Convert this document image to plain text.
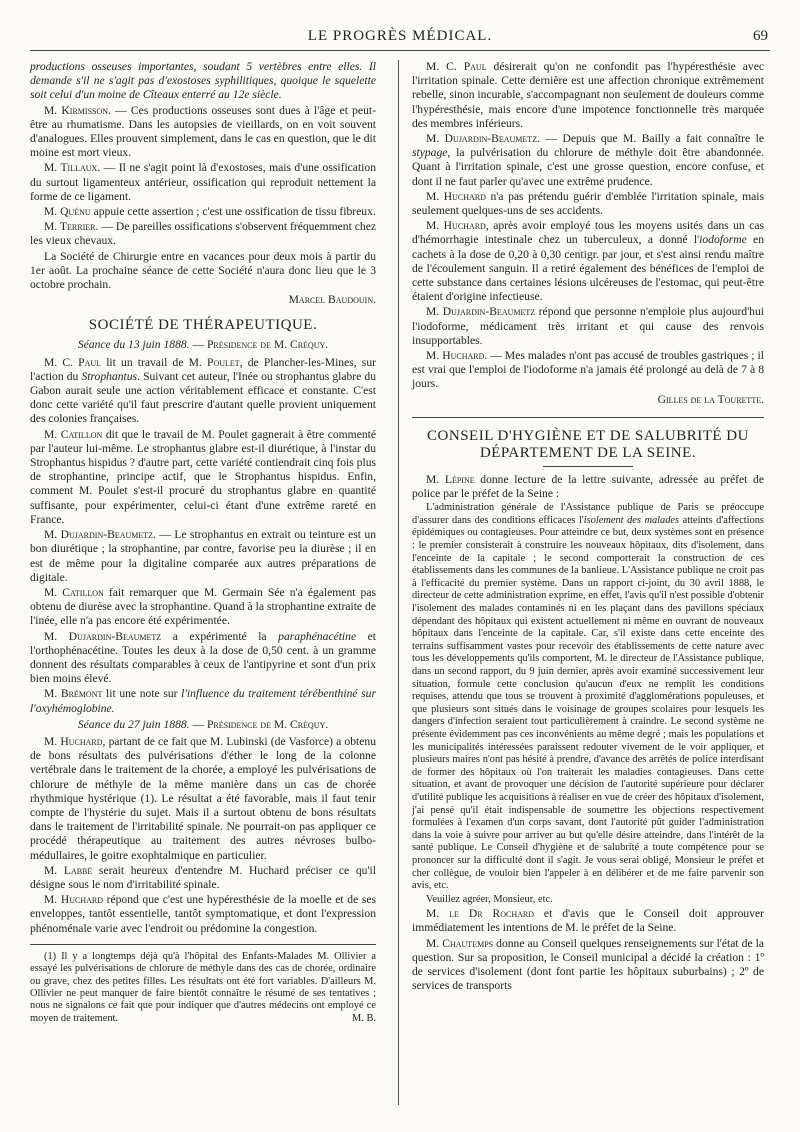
LE PROGRÈS MÉDICAL.	69

productions osseuses importantes, soudant 5 vertèbres entre elles. Il demande s'il ne s'agit pas d'exostoses syphilitiques, quoique le squelette soit celui d'un moine de Cîteaux enterré au 12e siècle.

M. Kirmisson. — Ces productions osseuses sont dues à l'âge et peut-être au rhumatisme. Dans les autopsies de vieillards, on en voit souvent d'analogues. Elles prouvent simplement, dans le cas en question, que le dit moine est mort vieux.

M. Tillaux. — Il ne s'agit point là d'exostoses, mais d'une ossification du surtout ligamenteux antérieur, ossification qui reproduit nettement la forme de ce ligament.

M. Quénu appuie cette assertion ; c'est une ossification de tissu fibreux.

M. Terrier. — De pareilles ossifications s'observent fréquemment chez les vieux chevaux.

La Société de Chirurgie entre en vacances pour deux mois à partir du 1er août. La prochaine séance de cette Société n'aura donc lieu que le 3 octobre prochain.

Marcel Baudouin.

SOCIÉTÉ DE THÉRAPEUTIQUE.

Séance du 13 juin 1888. — Présidence de M. Créquy.

M. C. Paul lit un travail de M. Poulet, de Plancher-les-Mines, sur l'action du Strophantus. Suivant cet auteur, l'Inée ou strophantus glabre du Gabon aurait seule une action véritablement efficace et constante. C'est donc cette variété qu'il faut prescrire d'autant quelle provient uniquement des colonies françaises.

M. Catillon dit que le travail de M. Poulet gagnerait à être commenté par l'auteur lui-même. Le strophantus glabre est-il diurétique, à l'instar du Strophantus hispidus ? d'autre part, cette variété contiendrait cinq fois plus de strophantine, principe actif, que le Strophantus hispidus. Enfin, comment M. Poulet s'est-il procuré du strophantus glabre en quantité suffisante, pour expérimenter, celui-ci étant d'une extrême rareté en France.

M. Dujardin-Beaumetz. — Le strophantus en extrait ou teinture est un bon diurétique ; la strophantine, par contre, favorise peu la diurèse ; il en est de même pour la digitaline comparée aux autres préparations de digitale.

M. Catillon fait remarquer que M. Germain Sée n'a également pas obtenu de diurèse avec la strophantine. Quand à la strophantine extraite de l'inée, elle n'a pas encore été expérimentée.

M. Dujardin-Beaumetz a expérimenté la paraphénacétine et l'orthophénacétine. Toutes les deux à la dose de 0,50 cent. à un gramme donnent des résultats comparables à ceux de l'antipyrine et sont d'un prix bien moins élevé.

M. Brémont lit une note sur l'influence du traitement térébenthiné sur l'oxyhémoglobine.

Séance du 27 juin 1888. — Présidence de M. Créquy.

M. Huchard, partant de ce fait que M. Lubinski (de Vasforce) a obtenu de bons résultats des pulvérisations d'éther le long de la colonne vertébrale dans le traitement de la chorée, a employé les pulvérisations de chlorure de méthyle de la même manière dans un cas de chorée rhythmique hystérique (1). Le résultat a été favorable, mais il faut tenir compte de l'hystérie du sujet. Mais il a surtout obtenu de bons résultats dans le traitement de l'irritabilité spinale. Ne pourrait-on pas appliquer ce procédé thérapeutique au traitement des autres névroses bulbo-médullaires, le goitre exophtalmique en particulier.

M. Labbé serait heureux d'entendre M. Huchard préciser ce qu'il désigne sous le nom d'irritabilité spinale.

M. Huchard répond que c'est une hypéresthésie de la moelle et de ses enveloppes, tantôt essentielle, tantôt symptomatique, et dont l'expression phénoménale varie avec l'endroit ou prédomine la congestion.

(1) Il y a longtemps déjà qu'à l'hôpital des Enfants-Malades M. Ollivier a essayé les pulvérisations de chlorure de méthyle dans des cas de chorée, ordinaire ou grave, chez des petites filles. Les résultats ont été fort variables. D'ailleurs M. Ollivier ne peut manquer de faire bientôt connaître le résumé de ses tentatives ; nous ne signalons ce fait que pour indiquer que d'autres médecins ont employé ce moyen de traitement.	M. B.

M. C. Paul désirerait qu'on ne confondit pas l'hypéresthésie avec l'irritation spinale. Cette dernière est une affection chronique extrêmement rebelle, sinon incurable, s'accompagnant non seulement de douleurs comme l'hypéresthésie, mais encore d'une impotence fonctionnelle très marquée des membres inférieurs.

M. Dujardin-Beaumetz. — Depuis que M. Bailly a fait connaître le stypage, la pulvérisation du chlorure de méthyle doit être abandonnée. Quant à l'irritation spinale, c'est une grosse question, encore confuse, et dont il ne faut parler qu'avec une extrême prudence.

M. Huchard n'a pas prétendu guérir d'emblée l'irritation spinale, mais seulement quelques-uns de ses accidents.

M. Huchard, après avoir employé tous les moyens usités dans un cas d'hémorrhagie intestinale chez un tuberculeux, a donné l'iodoforme en cachets à la dose de 0,20 à 0,30 centigr. par jour, et s'est ainsi rendu maître de l'écoulement sanguin. Il a retiré également des bénéfices de l'emploi de cette substance dans certaines lésions ulcéreuses de l'estomac, qui peut-être étaient d'origine infectieuse.

M. Dujardin-Beaumetz répond que personne n'emploie plus aujourd'hui l'iodoforme, médicament très irritant et qui cause des renvois insupportables.

M. Huchard. — Mes malades n'ont pas accusé de troubles gastriques ; il est vrai que l'emploi de l'iodoforme n'a jamais été prolongé au delà de 7 à 8 jours.

Gilles de la Tourette.

CONSEIL D'HYGIÈNE ET DE SALUBRITÉ DU DÉPARTEMENT DE LA SEINE.

M. Lépine donne lecture de la lettre suivante, adressée au préfet de police par le préfet de la Seine :

L'administration générale de l'Assistance publique de Paris se préoccupe d'assurer dans des conditions efficaces l'isolement des malades atteints d'affections épidémiques ou contagieuses. Pour atteindre ce but, deux systèmes sont en présence : le premier consisterait à construire les nouveaux hôpitaux, dits d'isolement, dans l'enceinte de la capitale ; le second comporterait la construction de ces établissements dans les communes de la banlieue. L'Assistance publique ne croit pas à l'efficacité du premier système. Dans un rapport ci-joint, du 30 avril 1888, le directeur de cette administration exprime, en effet, l'avis qu'il n'est possible d'obtenir l'isolement des malades contaminés ni en les plaçant dans des pavillons spéciaux dépendant des hôpitaux qui existent actuellement ni même en ouvrant de nouveaux hôpitaux dans l'enceinte de la capitale. Car, s'il existe dans cette enceinte des terrains suffisamment vastes pour recevoir des établissements de cette nature avec tous les développements qu'ils comportent, M. le directeur de l'Assistance publique, dans un second rapport, du 9 juin dernier, après avoir examiné successivement leur situation, formule cette conclusion qu'aucun d'eux ne remplit les conditions requises, attendu que tous se trouvent à proximité d'agglomérations populeuses, et que plusieurs sont situés dans le voisinage de groupes scolaires pour lesquels les dangers d'infection seraient tout particulièrement à craindre. Le second système ne présente évidemment pas ces inconvénients au même degré ; mais les populations et les municipalités intéressées paraissent redouter vivement de le voir appliquer, et plusieurs maires n'ont pas hésité à prendre, d'avance des arrêtés de police interdisant de former des hôpitaux où l'on traiterait les maladies contagieuses. Dans cette situation, et avant de provoquer une décision de l'autorité supérieure pour déclarer d'utilité publique les acquisitions à réaliser en vue de créer des hôpitaux d'isolement, j'ai pensé qu'il était indispensable de soumettre les objections respectivement formulées à l'examen d'un corps savant, dont l'autorité pût guider l'administration dans la voie à suivre pour arriver au but qu'elle désire atteindre, dans l'intérêt de la santé publique. Le Conseil d'hygiène et de salubrité a toute compétence pour se prononcer sur la difficulté dont il s'agit. Je vous serai obligé, Monsieur le préfet et cher collègue, de vouloir bien l'appeler à en délibérer et de me faire parvenir son avis, etc.

Veuillez agréer, Monsieur, etc.

M. le Dr Rochard et d'avis que le Conseil doit approuver immédiatement les intentions de M. le préfet de la Seine.

M. Chautemps donne au Conseil quelques renseignements sur l'état de la question. Sur sa proposition, le Conseil municipal a décidé la création : 1º de services d'isolement (dont font partie les hôpitaux suburbains) ; 2º de services de transports
